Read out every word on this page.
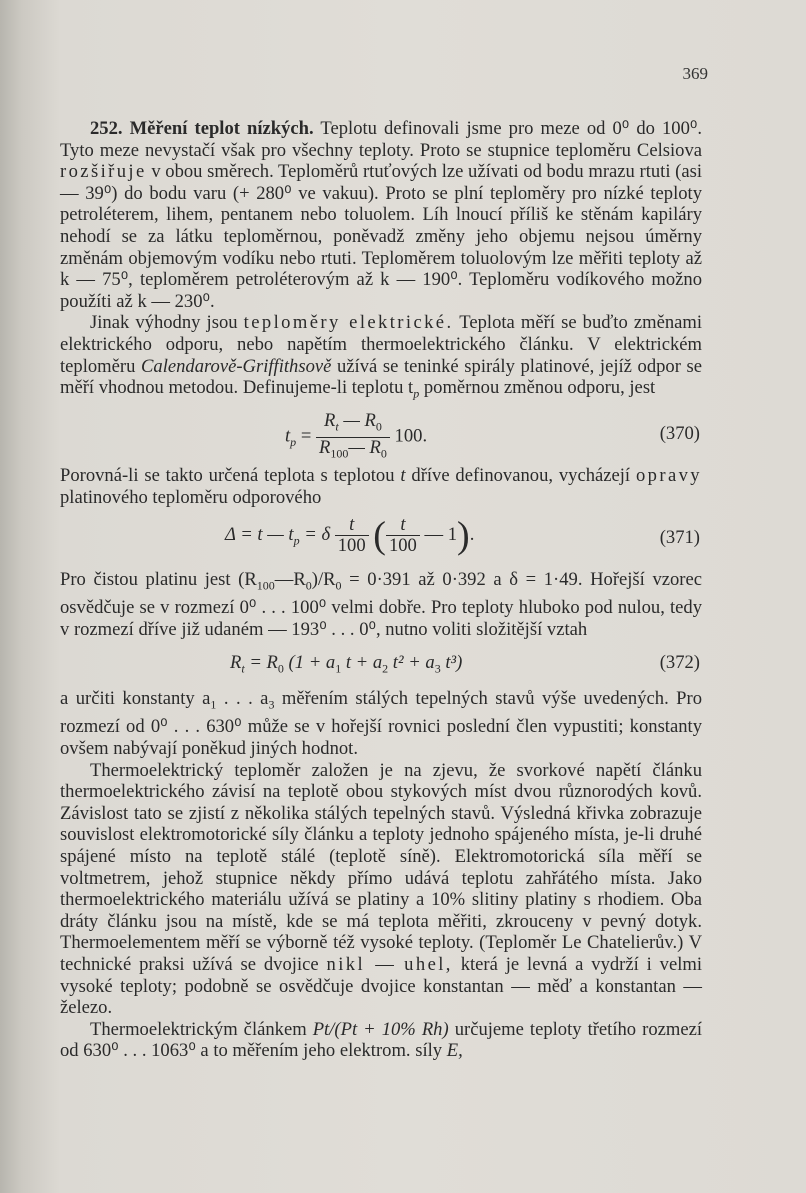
369

252. Měření teplot nízkých. Teplotu definovali jsme pro meze od 0⁰ do 100⁰. Tyto meze nevystačí však pro všechny teploty. Proto se stupnice teploměru Celsiova rozšiřuje v obou směrech. Teploměrů rtuťových lze užívati od bodu mrazu rtuti (asi — 39⁰) do bodu varu (+ 280⁰ ve vakuu). Proto se plní teploměry pro nízké teploty petroléterem, lihem, pentanem nebo toluolem. Líh lnoucí příliš ke stěnám kapiláry nehodí se za látku teploměrnou, poněvadž změny jeho objemu nejsou úměrny změnám objemovým vodíku nebo rtuti. Teploměrem toluolovým lze měřiti teploty až k — 75⁰, teploměrem petroléterovým až k — 190⁰. Teploměru vodíkového možno použíti až k — 230⁰.

Jinak výhodny jsou teploměry elektrické. Teplota měří se buďto změnami elektrického odporu, nebo napětím thermoelektrického článku. V elektrickém teploměru Calendarově-Griffithsově užívá se teninké spirály platinové, jejíž odpor se měří vhodnou metodou. Definujeme-li teplotu $t_p$ poměrnou změnou odporu, jest

$t_p = \frac{R_t — R_0}{R_{100}— R_0} 100$.	(370)

Porovná-li se takto určená teplota s teplotou t dříve definovanou, vycházejí opravy platinového teploměru odporového

Δ = t — $t_p = \delta \frac{t}{100}$ ( $\frac{t}{100}$ — 1).	(371)

Pro čistou platinu jest $(R_{100}—R_0)/R_0 = 0\cdot 391$ až 0·392 a δ = 1·49. Hořejší vzorec osvědčuje se v rozmezí 0⁰ . . . 100⁰ velmi dobře. Pro teploty hluboko pod nulou, tedy v rozmezí dříve již udaném — 193⁰ . . . 0⁰, nutno voliti složitější vztah

$R_t = R_0$ ($1 + a_1$ $t + a_2$ $t^2 + a_3$ t³)	(372)

a určiti konstanty $a_1$ . . . $a_3$ měřením stálých tepelných stavů výše uvedených. Pro rozmezí od 0⁰ . . . 630⁰ může se v hořejší rovnici poslední člen vypustiti; konstanty ovšem nabývají poněkud jiných hodnot.

Thermoelektrický teploměr založen je na zjevu, že svorkové napětí článku thermoelektrického závisí na teplotě obou stykových míst dvou různorodých kovů. Závislost tato se zjistí z několika stálých tepelných stavů. Výsledná křivka zobrazuje souvislost elektromotorické síly článku a teploty jednoho spájeného místa, je-li druhé spájené místo na teplotě stálé (teplotě síně). Elektromotorická síla měří se voltmetrem, jehož stupnice někdy přímo udává teplotu zahřátého místa. Jako thermoelektrického materiálu užívá se platiny a 10% slitiny platiny s rhodiem. Oba dráty článku jsou na místě, kde se má teplota měřiti, zkrouceny v pevný dotyk. Thermoelementem měří se výborně též vysoké teploty. (Teploměr Le Chatelierův.) V technické praksi užívá se dvojice nikl — uhel, která je levná a vydrží i velmi vysoké teploty; podobně se osvědčuje dvojice konstantan — měď a konstantan — železo.

Thermoelektrickým článkem Pt/(Pt + 10% Rh) určujeme teploty třetího rozmezí od 630⁰ . . . 1063⁰ a to měřením jeho elektrom. síly E,
